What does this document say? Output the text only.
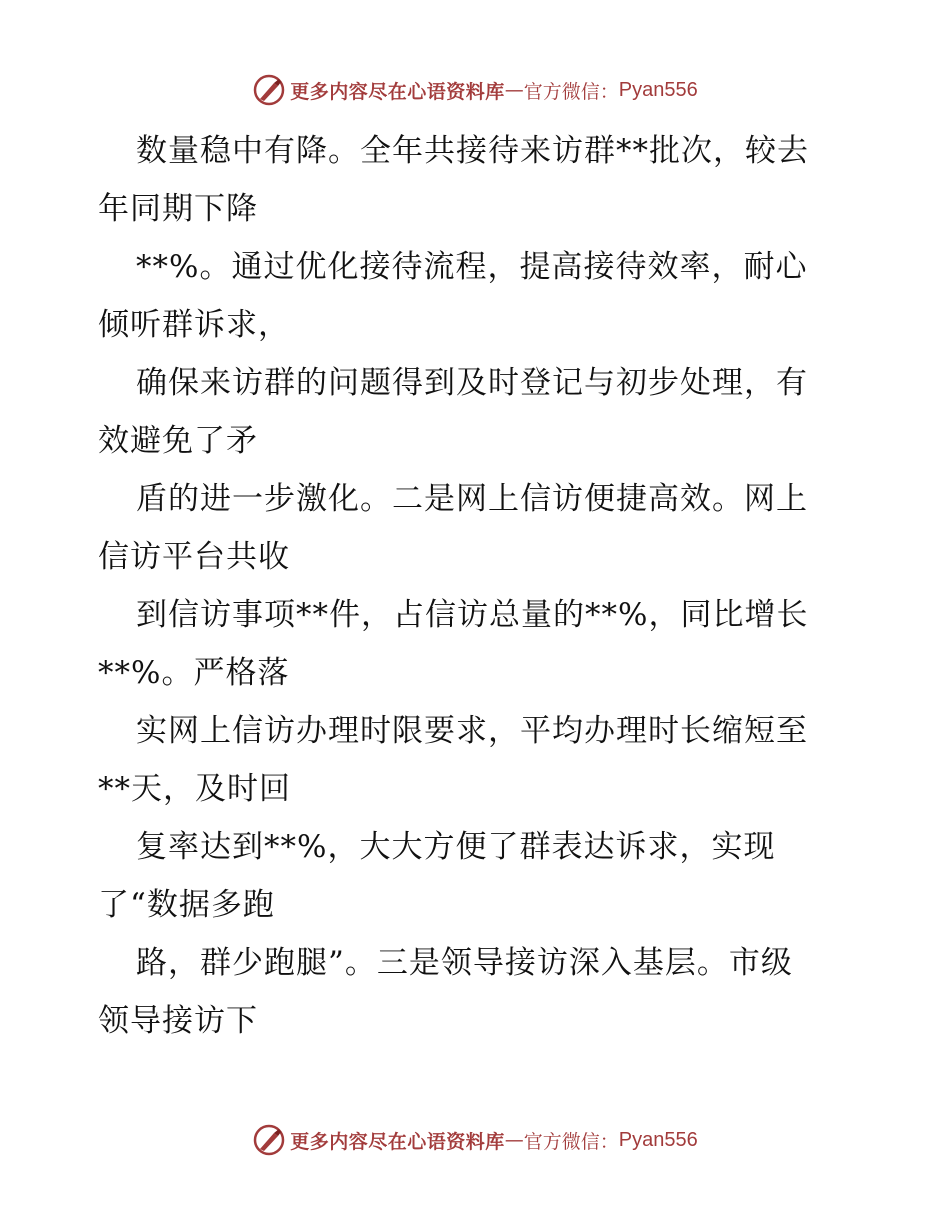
更多内容尽在心语资料库 — 官方微信： Pyan556
数量稳中有降。全年共接待来访群**批次，较去
年同期下降
**%。通过优化接待流程，提高接待效率，耐心
倾听群诉求，
确保来访群的问题得到及时登记与初步处理，有
效避免了矛
盾的进一步激化。二是网上信访便捷高效。网上
信访平台共收
到信访事项**件，占信访总量的**%，同比增长
**%。严格落
实网上信访办理时限要求，平均办理时长缩短至
**天，及时回
复率达到**%，大大方便了群表达诉求，实现
了“数据多跑
路，群少跑腿”。三是领导接访深入基层。市级
领导接访下
更多内容尽在心语资料库 — 官方微信： Pyan556
